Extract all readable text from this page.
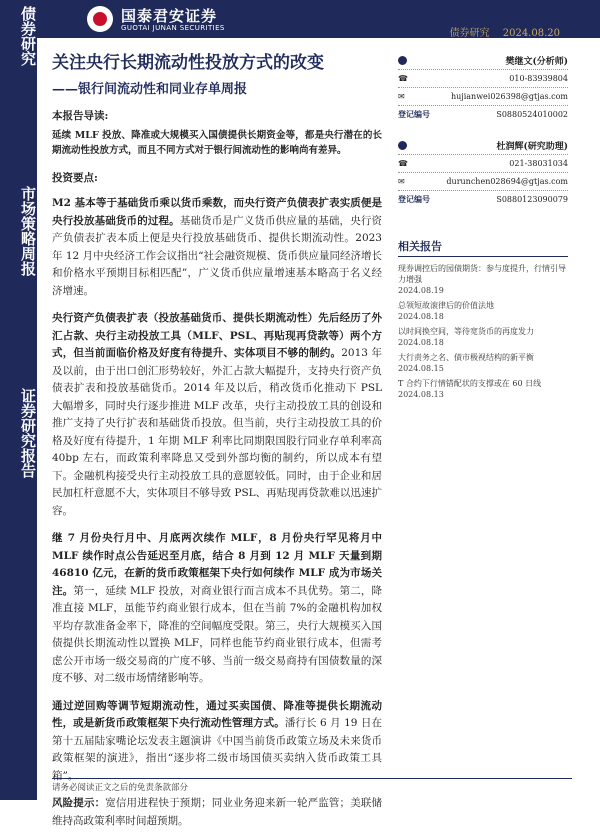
债券研究
市场策略周报
证券研究报告
国泰君安证券
GUOTAI JUNAN SECURITIES	债券研究 2024.08.20
关注央行长期流动性投放方式的改变
——银行间流动性和同业存单周报

本报告导读:

延续 MLF 投放、降准或大规模买入国债提供长期资金等，都是央行潜在的长期流动性投放方式，而且不同方式对于银行间流动性的影响尚有差异。

投资要点:

M2 基本等于基础货币乘以货币乘数，而央行资产负债表扩表实质便是央行投放基础货币的过程。基础货币是广义货币供应量的基础，央行资产负债表扩表本质上便是央行投放基础货币、提供长期流动性。2023 年 12 月中央经济工作会议指出“社会融资规模、货币供应量同经济增长和价格水平预期目标相匹配”，广义货币供应量增速基本略高于名义经济增速。

央行资产负债表扩表（投放基础货币、提供长期流动性）先后经历了外汇占款、央行主动投放工具（MLF、PSL、再贴现再贷款等）两个方式，但当前面临价格及好度有待提升、实体项目不够的制约。2013 年及以前，由于出口创汇形势较好，外汇占款大幅提升，支持央行资产负债表扩表和投放基础货币。2014 年及以后，稍改货币化推动下 PSL 大幅增多，同时央行逐步推进 MLF 改革，央行主动投放工具的创设和推广支持了央行扩表和基础货币投放。但当前，央行主动投放工具的价格及好度有待提升，1 年期 MLF 利率比同期限国股行同业存单利率高 40bp 左右，而政策利率降息又受到外部均衡的制约，所以成本有望下。金融机构接受央行主动投放工具的意愿较低。同时，由于企业和居民加杠杆意愿不大，实体项目不够导致 PSL、再贴现再贷款难以迅速扩容。

继 7 月份央行月中、月底两次续作 MLF，8 月份央行罕见将月中 MLF 续作时点公告延迟至月底，结合 8 月到 12 月 MLF 天量到期 46810 亿元，在新的货币政策框架下央行如何续作 MLF 成为市场关注。第一，延续 MLF 投放，对商业银行而言成本不具优势。第二，降准直接 MLF，虽能节约商业银行成本，但在当前 7%的金融机构加权平均存款准备金率下，降准的空间幅度受限。第三，央行大规模买入国债提供长期流动性以置换 MLF，同样也能节约商业银行成本，但需考虑公开市场一级交易商的广度不够、当前一级交易商持有国债数量的深度不够、对二级市场情绪影响等。

通过逆回购等调节短期流动性，通过买卖国债、降准等提供长期流动性，或是新货币政策框架下央行流动性管理方式。潘行长 6 月 19 日在第十五届陆家嘴论坛发表主题演讲《中国当前货币政策立场及未来货币政策框架的演进》，指出“逐步将二级市场国债买卖纳入货币政策工具箱”。

风险提示：宽信用进程快于预期；同业业务迎来新一轮严监管；美联储维持高政策利率时间超预期。

樊继文(分析师)
☎	010-83939804
✉	hujianwei026398@gtjas.com
登记编号	S0880524010002
杜润辉(研究助理)
☎	021-38031034
✉	durunchen028694@gtjas.com
登记编号	S0880123090079
相关报告
现券调控后的园债期货：参与度提升，行情引导力增强
2024.08.19
总领短故滚律后的价值法地
2024.08.18
以时间换空间，等待宽货币的再度发力
2024.08.18
大行责务之名、债市极视结构的新平衡
2024.08.15
T 合约下行情错配状的支撑或在 60 日线
2024.08.13
请务必阅读正文之后的免责条款部分
